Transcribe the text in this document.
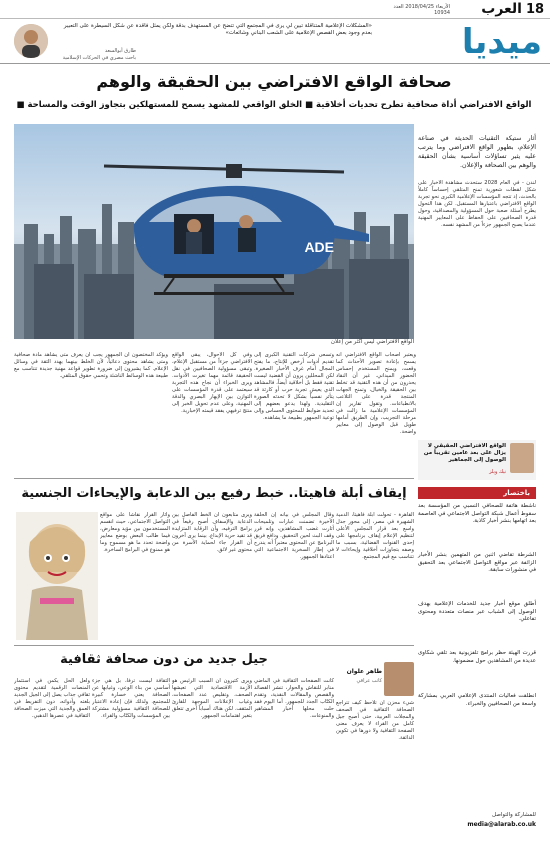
18
العرب
الأربعاء 2018/04/25 العدد 10934
ميديا
«المشكلات الإعلامية المتناقلة تبين لي يرى في المجتمع التي تتضح عن المستهدف بدقة ولكن يمثل فاقدة عن شكل السيطرة على التعبير بعدم وجود بعض القصص الإعلامية على الشعب البناني وشائعات»
طارق أبوالسعد
باحث مصري في الحركات الإسلامية
صحافة الواقع الافتراضي بين الحقيقة والوهم
الواقع الافتراضي أداة صحافية تطرح تحديات أخلاقية ■ الخلق الواقعي للمشهد يسمح للمستهلكين بتجاوز الوقت والمساحة ■
ADE
الواقع الافتراضي ليس أكثر من إعلان
أثار ستيكة التقنيات الحديثة في صناعة الإعلام، بظهور الواقع الافتراضي وما يترتب عليه يثير تساؤلات أساسية بشأن الحقيقة والوهم بين الصحافة والإعلان.
لندن - في العام 2028 ستحدث مشاهدة الأخبار على شكل لقطات شعورية تمنح المتلقي إحساساً كاملاً بالحدث، إذ تتجه المؤسسات الإعلامية الكبرى نحو تجربة الواقع الافتراضي باعتبارها المستقبل. لكن هذا التحول يطرح أسئلة صعبة حول المسؤولية والمصداقية، وحول قدرة الصحافيين على الحفاظ على المعايير المهنية عندما يصبح الجمهور جزءاً من المشهد نفسه.
ويعتبر أصحاب الواقع الافتراضي أنه يسمح بإعادة تصوير الأحداث كما وقعت، ويمنح المستخدم إحساس الحضور الميداني. غير أن النقاد يحذرون من أن هذه التقنية قد تخلط بين الحقيقة والخيال، وتمنح الجهات المنتجة قدرة على التلاعب بالانطباعات. وتقول تقارير إن المؤسسات الإعلامية ما زالت في مرحلة التجريب، وإن الطريق أمامها طويل قبل الوصول إلى معايير واضحة.
وتسعى شركات التقنية الكبرى إلى تقديم أدوات أرخص للإنتاج، ما يفتح المجال أمام غرف الأخبار الصغيرة. لكن المحللين يرون أن القضية ليست تقنية فقط بل أخلاقية أيضاً، فالمشاهد الذي يعيش تجربة حرب أو كارثة قد يتأثر نفسياً بشكل لا تحدثه الصورة التقليدية. ولهذا يدعو بعضهم إلى تحديد ضوابط للمحتوى الحساس وإلى توعية الجمهور بطبيعة ما يشاهده.
وفي كل الأحوال، يبقى الواقع الافتراضي جزءاً من مستقبل الإعلام، وتبقى مسؤولية الصحافيين في نقل الحقيقة قائمة مهما تغيرت الأدوات. ويرى الخبراء أن نجاح هذه التجربة سيعتمد على قدرة المؤسسات على التوازن بين الإبهار البصري والدقة المهنية، وعلى عدم تحويل الخبر إلى منتج ترفيهي يفقد قيمته الإخبارية.
ويؤكد المختصون أن الجمهور يجب أن يعرف متى يشاهد مادة صحافية ومتى يشاهد محتوى دعائياً، لأن الخلط بينهما يهدد الثقة في وسائل الإعلام. كما يشيرون إلى ضرورة تطوير قواعد مهنية جديدة تتناسب مع طبيعة هذه الوسائط الناشئة وتحمي حقوق المتلقي.
الواقع الافتراضي الحقيقي لا يزال على بعد عامين تقريباً من الوصول إلى الجماهير
نيك ويلز
باختصار
ناشطة هاتفة للصحافي النسبي من المؤسسة بعد سقوط أعمال شبكة التواصل الاجتماعي في العاصمة بعد اتهامها بنشر أخبار كاذبة.
الشرطة تقاضي اثنين من المتهمين بنشر الأخبار الزائفة عبر مواقع التواصل الاجتماعي بعد التحقيق في منشورات سابقة.
أطلق موقع أخبار جديد للخدمات الإعلامية بهدف الوصول إلى الشباب عبر منصات متعددة ومحتوى تفاعلي.
قررت الهيئة حظر برامج تلفزيونية بعد تلقي شكاوى عديدة من المشاهدين حول مضمونها.
انطلقت فعاليات المنتدى الإعلامي العربي بمشاركة واسعة من الصحافيين والخبراء.
للمشاركة والتواصل
media@alarab.co.uk
إيقاف أبلة فاهيتا.. خبط رفيع بين الدعابة والإيحاءات الجنسية
القاهرة - تحولت أبلة فاهيتا، الدمية الشهيرة في مصر، إلى محور جدل واسع بعد قرار المجلس الأعلى لتنظيم الإعلام إيقاف برنامجها على إحدى القنوات الفضائية، بسبب ما وصفه بتجاوزات أخلاقية وإيحاءات لا تتناسب مع قيم المجتمع.
وقال المجلس في بيانه إن الحلقة الأخيرة تضمنت عبارات وتلميحات أثارت غضب المشاهدين، وإنه قرر وقف البث لحين التحقيق. ودافع فريق البرنامج عن المحتوى معتبراً أنه يندرج في إطار السخرية الاجتماعية التي اعتادها الجمهور.
ويرى متابعون أن الخط الفاصل بين الدعابة والإسفاف أصبح رفيعاً في برامج الترفيه، وأن الرقابة المتزايدة قد تقيد حرية الإبداع. بينما يرى آخرون أن القرار جاء لحماية الأسرة من محتوى غير لائق.
وأثار القرار نقاشاً على مواقع التواصل الاجتماعي، حيث انقسم المستخدمون بين مؤيد ومعارض، فيما طالب البعض بوضع معايير واضحة تحدد ما هو مسموح وما هو ممنوع في البرامج الساخرة.
جيل جديد من دون صحافة ثقافية
طاهر علوان
كاتب عراقي
شيء محزن أن تلاحظ كيف تتراجع الصحافة الثقافية في الصحف والمجلات العربية، حتى أصبح جيل كامل من القراء لا يعرف معنى الصفحة الثقافية ولا دورها في تكوين الذائقة.
كانت الصفحات الثقافية في الماضي منابر للنقاش والحوار، تنشر القصائد والقصص والمقالات النقدية، وتقدم الكتّاب الجدد للجمهور. أما اليوم فقد حلت محلها أخبار المشاهير والمنوعات.
ويرى كثيرون أن السبب الرئيس هو الأزمة الاقتصادية التي تعيشها الصحف، وتقليص عدد الصفحات، وغياب الإعلانات الموجهة للقارئ المثقف. لكن هناك أسباباً أخرى تتعلق بتغير اهتمامات الجمهور.
الثقافة ليست ترفاً، بل هي جزء أساسي من بناء الوعي، وغيابها عن الصحافة يعني خسارة كبيرة للمجتمع. ولذلك فإن إعادة الاعتبار للصحافة الثقافية مسؤولية مشتركة بين المؤسسات والكتّاب والقراء.
ولعل الحل يكمن في استثمار المنصات الرقمية لتقديم محتوى ثقافي جذاب يصل إلى الجيل الجديد بلغته وأدواته، دون التفريط في العمق والجدية التي ميزت الصحافة الثقافية في عصرها الذهبي.
